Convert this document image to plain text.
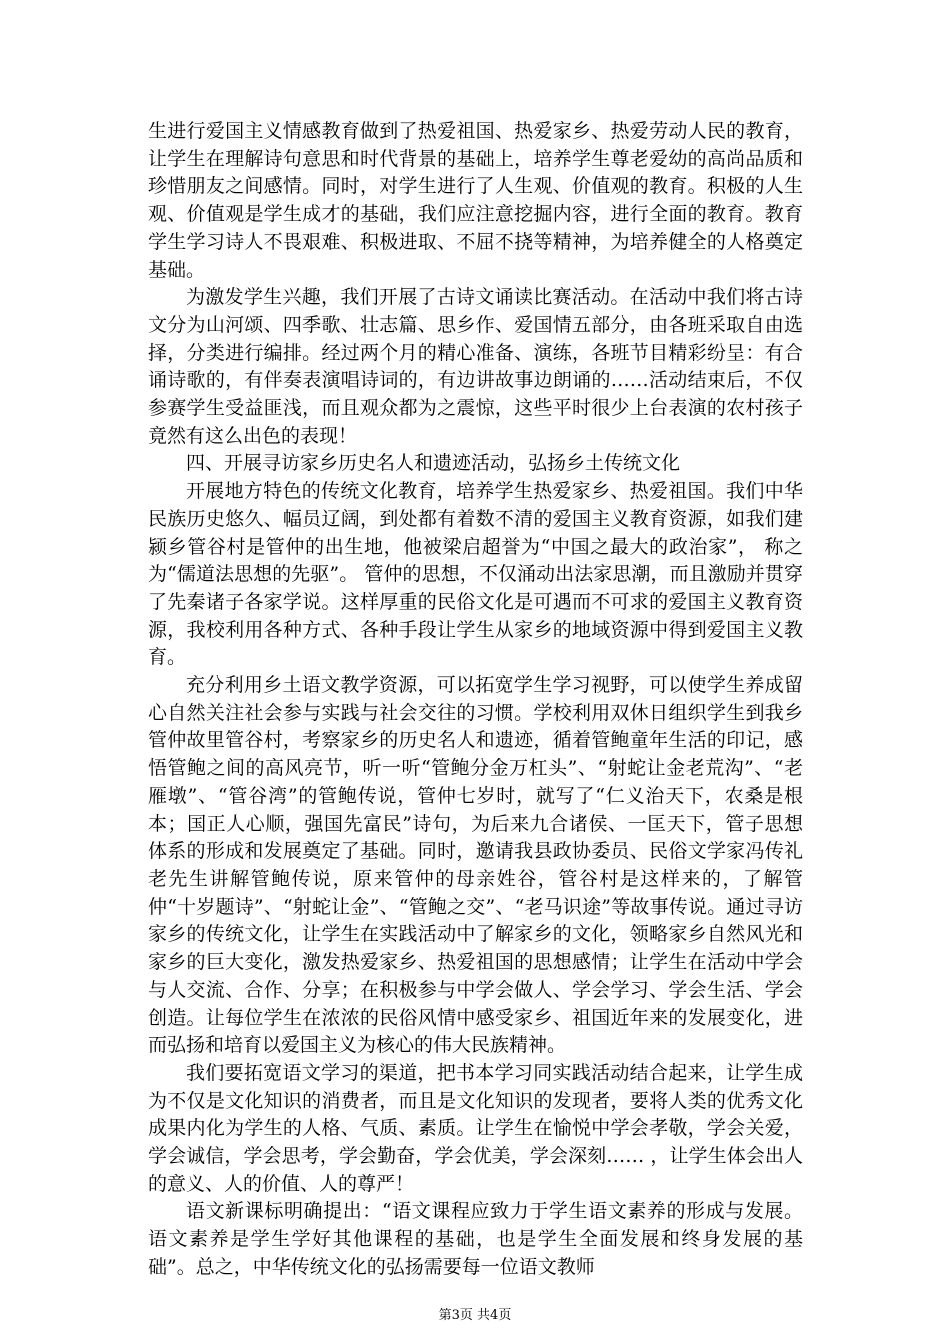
生进行爱国主义情感教育做到了热爱祖国、热爱家乡、热爱劳动人民的教育，让学生在理解诗句意思和时代背景的基础上，培养学生尊老爱幼的高尚品质和珍惜朋友之间感情。同时，对学生进行了人生观、价值观的教育。积极的人生观、价值观是学生成才的基础，我们应注意挖掘内容，进行全面的教育。教育学生学习诗人不畏艰难、积极进取、不屈不挠等精神，为培养健全的人格奠定基础。

为激发学生兴趣，我们开展了古诗文诵读比赛活动。在活动中我们将古诗文分为山河颂、四季歌、壮志篇、思乡作、爱国情五部分，由各班采取自由选择，分类进行编排。经过两个月的精心准备、演练，各班节目精彩纷呈：有合诵诗歌的，有伴奏表演唱诗词的，有边讲故事边朗诵的……活动结束后，不仅参赛学生受益匪浅，而且观众都为之震惊，这些平时很少上台表演的农村孩子竟然有这么出色的表现！

四、开展寻访家乡历史名人和遗迹活动，弘扬乡土传统文化

开展地方特色的传统文化教育，培养学生热爱家乡、热爱祖国。我们中华民族历史悠久、幅员辽阔，到处都有着数不清的爱国主义教育资源，如我们建颍乡管谷村是管仲的出生地，他被梁启超誉为“中国之最大的政治家”， 称之为“儒道法思想的先驱”。 管仲的思想，不仅涌动出法家思潮，而且激励并贯穿了先秦诸子各家学说。这样厚重的民俗文化是可遇而不可求的爱国主义教育资源，我校利用各种方式、各种手段让学生从家乡的地域资源中得到爱国主义教育。

充分利用乡土语文教学资源，可以拓宽学生学习视野，可以使学生养成留心自然关注社会参与实践与社会交往的习惯。学校利用双休日组织学生到我乡管仲故里管谷村，考察家乡的历史名人和遗迹，循着管鲍童年生活的印记，感悟管鲍之间的高风亮节，听一听“管鲍分金万杠头”、“射蛇让金老荒沟”、“老雁墩”、“管谷湾”的管鲍传说，管仲七岁时，就写了“仁义治天下，农桑是根本；国正人心顺，强国先富民”诗句，为后来九合诸侯、一匡天下，管子思想体系的形成和发展奠定了基础。同时，邀请我县政协委员、民俗文学家冯传礼老先生讲解管鲍传说，原来管仲的母亲姓谷，管谷村是这样来的，了解管仲“十岁题诗”、“射蛇让金”、“管鲍之交”、“老马识途”等故事传说。通过寻访家乡的传统文化，让学生在实践活动中了解家乡的文化，领略家乡自然风光和家乡的巨大变化，激发热爱家乡、热爱祖国的思想感情；让学生在活动中学会与人交流、合作、分享；在积极参与中学会做人、学会学习、学会生活、学会创造。让每位学生在浓浓的民俗风情中感受家乡、祖国近年来的发展变化，进而弘扬和培育以爱国主义为核心的伟大民族精神。

我们要拓宽语文学习的渠道，把书本学习同实践活动结合起来，让学生成为不仅是文化知识的消费者，而且是文化知识的发现者，要将人类的优秀文化成果内化为学生的人格、气质、素质。让学生在愉悦中学会孝敬，学会关爱，学会诚信，学会思考，学会勤奋，学会优美，学会深刻…… ，让学生体会出人的意义、人的价值、人的尊严！

语文新课标明确提出：“语文课程应致力于学生语文素养的形成与发展。语文素养是学生学好其他课程的基础，也是学生全面发展和终身发展的基础”。总之，中华传统文化的弘扬需要每一位语文教师

第3页 共4页
